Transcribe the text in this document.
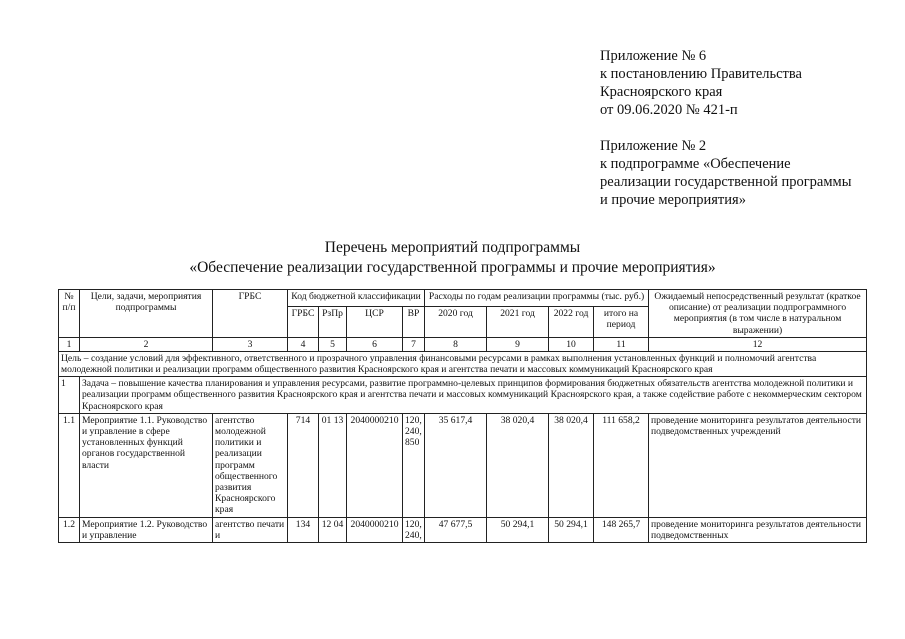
Приложение № 6
к постановлению Правительства
Красноярского края
от 09.06.2020 № 421-п
Приложение № 2
к подпрограмме «Обеспечение
реализации государственной программы
и прочие мероприятия»
Перечень мероприятий подпрограммы
«Обеспечение реализации государственной программы и прочие мероприятия»
№ п/п	Цели, задачи, мероприятия подпрограммы	ГРБС	Код бюджетной классификации				Расходы по годам реализации программы (тыс. руб.)				Ожидаемый непосредственный результат (краткое описание) от реализации подпрограммного мероприятия (в том числе в натуральном выражении)
			ГРБС	РзПр	ЦСР	ВР	2020 год	2021 год	2022 год	итого на период	
1	2	3	4	5	6	7	8	9	10	11	12
Цель – создание условий для эффективного, ответственного и прозрачного управления финансовыми ресурсами в рамках выполнения установленных функций и полномочий агентства молодежной политики и реализации программ общественного развития Красноярского края и агентства печати и массовых коммуникаций Красноярского края											
1	Задача – повышение качества планирования и управления ресурсами, развитие программно-целевых принципов формирования бюджетных обязательств агентства молодежной политики и реализации программ общественного развития Красноярского края и агентства печати и массовых коммуникаций Красноярского края, а также содействие работе с некоммерческим сектором Красноярского края										
1.1	Мероприятие 1.1. Руководство и управление в сфере установленных функций органов государственной власти	агентство молодежной политики и реализации программ общественного развития Красноярского края	714	01 13	2040000210	120, 240, 850	35 617,4	38 020,4	38 020,4	111 658,2	проведение мониторинга результатов деятельности подведомственных учреждений
1.2	Мероприятие 1.2. Руководство и управление	агентство печати и	134	12 04	2040000210	120, 240,	47 677,5	50 294,1	50 294,1	148 265,7	проведение мониторинга результатов деятельности подведомственных
